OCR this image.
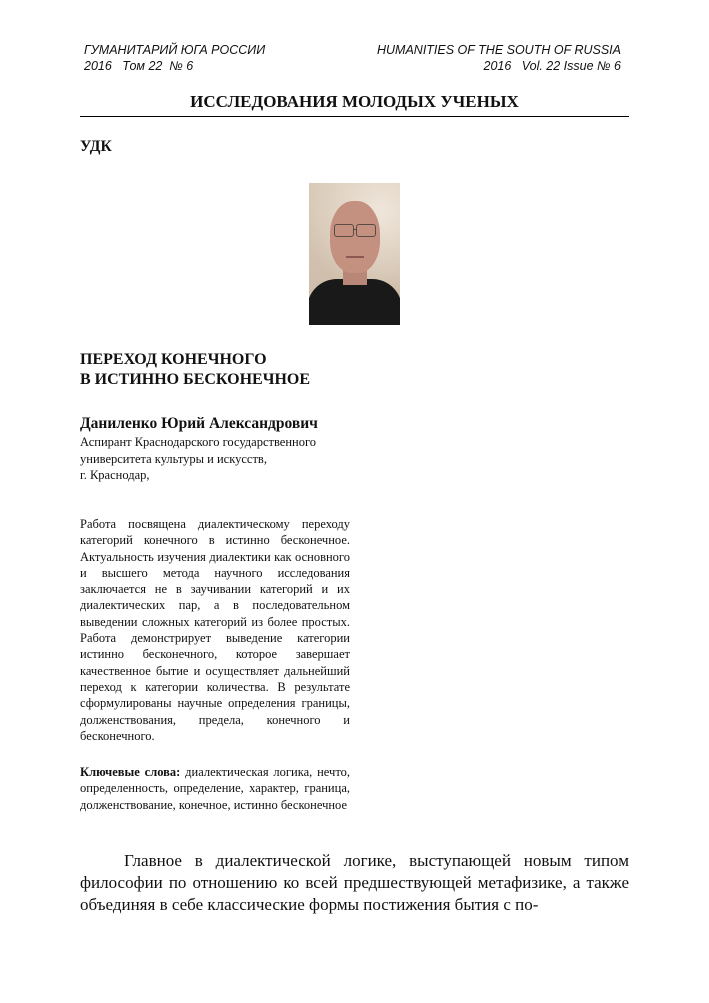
ГУМАНИТАРИЙ ЮГА РОССИИ
2016   Том 22  № 6
HUMANITIES OF THE SOUTH OF RUSSIA
2016   Vol. 22 Issue № 6
ИССЛЕДОВАНИЯ МОЛОДЫХ УЧЕНЫХ
УДК
ПЕРЕХОД КОНЕЧНОГО
В ИСТИННО БЕСКОНЕЧНОЕ
Даниленко Юрий Александрович
Аспирант Краснодарского государственного
университета культуры и искусств,
г. Краснодар,
Работа посвящена диалектическому переходу категорий конечного в истинно бесконечное. Актуальность изучения диалектики как основного и высшего метода научного исследования заключается не в заучивании категорий и их диалектических пар, а в последовательном выведении сложных категорий из более простых. Работа демонстрирует выведение категории истинно бесконечного, которое завершает качественное бытие и осуществляет дальнейший переход к категории количества. В результате сформулированы научные определения границы, долженствования, предела, конечного и бесконечного.
Ключевые слова: диалектическая логика, нечто, определенность, определение, характер, граница, долженствование, конечное, истинно бесконечное
Главное в диалектической логике, выступающей новым типом философии по отношению ко всей предшествующей метафизике, а также объединяя в себе классические формы постижения бытия с по-
